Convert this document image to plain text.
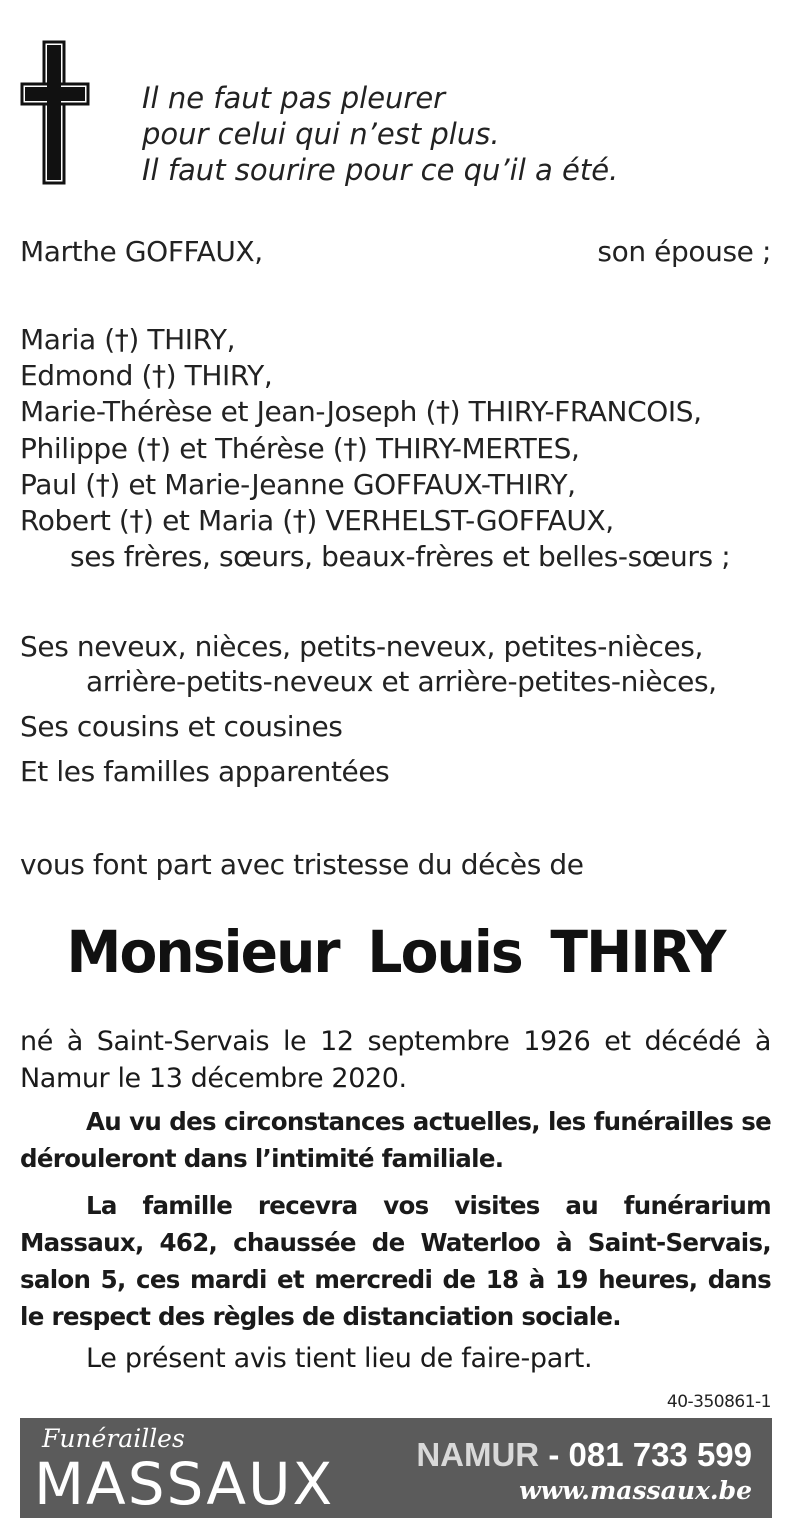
Il ne faut pas pleurer
pour celui qui n’est plus.
Il faut sourire pour ce qu’il a été.
Marthe GOFFAUX,	son épouse ;
Maria (†) THIRY,
Edmond (†) THIRY,
Marie-Thérèse et Jean-Joseph (†) THIRY-FRANCOIS,
Philippe (†) et Thérèse (†) THIRY-MERTES,
Paul (†) et Marie-Jeanne GOFFAUX-THIRY,
Robert (†) et Maria (†) VERHELST-GOFFAUX,
ses frères, sœurs, beaux-frères et belles-sœurs ;
Ses neveux, nièces, petits-neveux, petites-nièces,
arrière-petits-neveux et arrière-petites-nièces,
Ses cousins et cousines
Et les familles apparentées
vous font part avec tristesse du décès de
Monsieur Louis THIRY
né à Saint-Servais le 12 septembre 1926 et décédé à Namur le 13 décembre 2020.
Au vu des circonstances actuelles, les funérailles se dérouleront dans l’intimité familiale.
La famille recevra vos visites au funérarium Massaux, 462, chaussée de Waterloo à Saint-Servais, salon 5, ces mardi et mercredi de 18 à 19 heures, dans le respect des règles de distanciation sociale.
Le présent avis tient lieu de faire-part.
40-350861-1
Funérailles
MASSAUX NAMUR - 081 733 599
www.massaux.be
